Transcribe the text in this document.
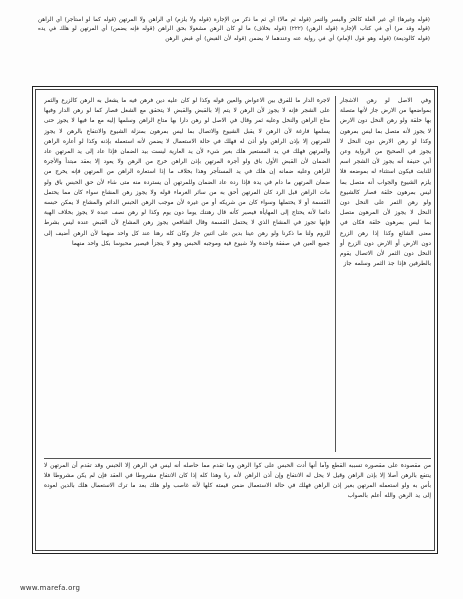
(قوله وغيرها) أي غير الغلة كالخز والبسر والتمر (قوله ثم مالا) أي ثم ما ذكر من الإجارة (قوله ولا يلزم) أي الراهن ولا المرتهن (قوله كما لو استأجر) أي الراهن (قوله وقد مر) أي في كتاب الإجارة (قوله الرهن) (٢٢٢) (قوله بخلاف) ما لو كان الرهن مشغولا بحق الراهن (قوله فإنه يضمن) أي المرتهن لو هلك في يده (قوله كالوديعة) (قوله وهو قول الإمام) أي في رواية عنه وعندهما لا يضمن (قوله لأن القبض) أي قبض الرهن
لاجرة الدار ما للفرق بين الاعواض والعين قوله وكذا لو كان عليه دين فرهن فيه ما يشغل به الرهن كالزرع والثمر على الشجر فإنه لا يجوز لأن الرهن لا يتم إلا بالقبض والقبض لا يتحقق مع الشغل فصار كما لو رهن الدار وفيها متاع الراهن والنخل وعليه ثمر وقال في الاصل لو رهن دارا بها متاع الراهن وسلمها إليه مع ما فيها لا يجوز حتى يسلمها فارغة لأن الرهن لا يقبل الشيوع والاتصال بما ليس بمرهون بمنزلة الشيوع والانتفاع بالرهن لا يجوز للمرتهن إلا بإذن الراهن ولو أذن له فهلك في حالة الاستعمال لا يضمن لأنه استعمله بإذنه وكذا لو أعاره الراهن والمرتهن فهلك في يد المستعير هلك بغير شيء لأن يد العارية ليست بيد الضمان فإذا عاد إلى يد المرتهن عاد الضمان لأن القبض الأول باق ولو أجره المرتهن بإذن الراهن خرج من الرهن ولا يعود إلا بعقد مبتدأ والأجرة للراهن وعليه ضمانه إن هلك في يد المستأجر وهذا بخلاف ما إذا استعاره الراهن من المرتهن فإنه يخرج من ضمان المرتهن ما دام في يده فإذا رده عاد الضمان وللمرتهن أن يسترده منه متى شاء لأن حق الحبس باق ولو مات الراهن قبل الرد كان المرتهن أحق به من سائر الغرماء قوله ولا يجوز رهن المشاع سواء كان مما يحتمل القسمة أو لا يحتملها وسواء كان من شريكه أو من غيره لأن موجب الرهن الحبس الدائم والمشاع لا يمكن حبسه دائما لأنه يحتاج إلى المهايأة فيصير كأنه قال رهنتك يوما دون يوم وكذا لو رهن نصف عبده لا يجوز بخلاف الهبة فإنها تجوز في المشاع الذي لا يحتمل القسمة وقال الشافعي يجوز رهن المشاع لأن القبض عنده ليس بشرط للزوم ولنا ما ذكرنا ولو رهن عينا بدين على اثنين جاز وكان كله رهنا عند كل واحد منهما لأن الرهن أضيف إلى جميع العين في صفقة واحدة ولا شيوع فيه وموجبه الحبس وهو لا يتجزأ فيصير محبوسا بكل واحد منهما
وفي الاصل لو رهن الاشجار بمواضعها من الارض جاز لأنها متصلة بها خلقة ولو رهن النخل دون الارض لا يجوز لأنه متصل بما ليس بمرهون وكذا لو رهن الارض دون النخل لا يجوز في الصحيح من الرواية وعن أبي حنيفة أنه يجوز لأن الشجر اسم للنابت فيكون استثناء له بموضعه فلا يلزم الشيوع والجواب أنه متصل بما ليس بمرهون خلقة فصار كالشيوع ولو رهن الثمر على النخل دون النخل لا يجوز لأن المرهون متصل بما ليس بمرهون خلقة فكان في معنى الشائع وكذا إذا رهن الزرع دون الارض أو الارض دون الزرع أو النخل دون الثمر لأن الاتصال يقوم بالطرفين فإذا جذ الثمر وسلمه جاز
من مقصودة على مقصوره تسببه القطع وآما أنها أدت الحبس على كوا الرهن وما تقدم مما حاصله أنه ليس في الرهن إلا الحبس وقد تقدم أن المرتهن لا ينتفع بالرهن أصلا إلا بإذن الراهن وقيل لا يحل له الانتفاع وإن أذن الراهن لأنه ربا وهذا كله إذا كان الانتفاع مشروطا في العقد فإن لم يكن مشروطا فلا بأس به ولو استعمله المرتهن بغير إذن الراهن فهلك في حالة الاستعمال ضمن قيمته كلها لأنه غاصب ولو هلك بعد ما ترك الاستعمال هلك بالدين لعوده إلى يد الرهن والله أعلم بالصواب
www.marefa.org
